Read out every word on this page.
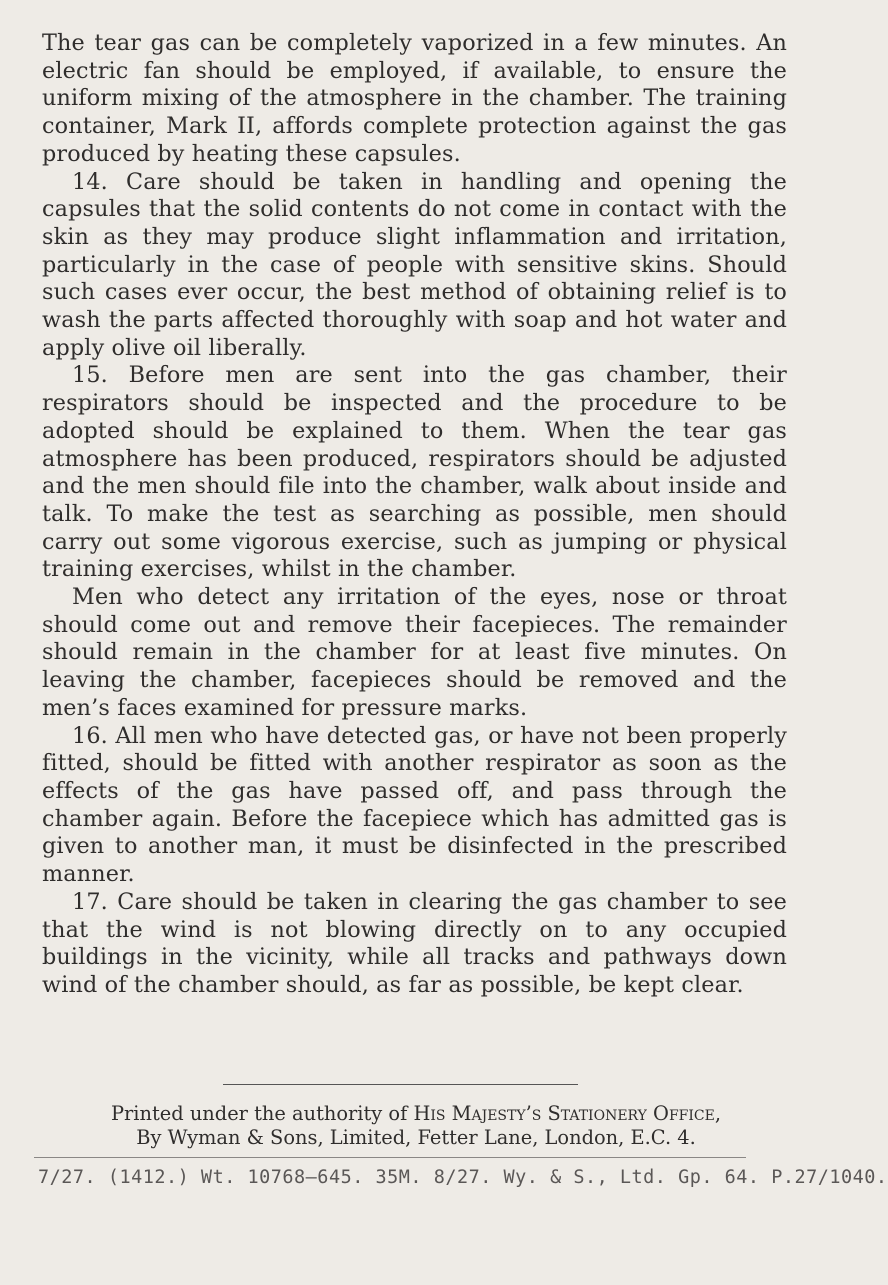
The tear gas can be completely vaporized in a few minutes. An electric fan should be employed, if available, to ensure the uniform mixing of the atmosphere in the chamber. The training container, Mark II, affords complete protection against the gas produced by heating these capsules.

14. Care should be taken in handling and opening the capsules that the solid contents do not come in contact with the skin as they may produce slight inflammation and irritation, particularly in the case of people with sensitive skins. Should such cases ever occur, the best method of obtaining relief is to wash the parts affected thoroughly with soap and hot water and apply olive oil liberally.

15. Before men are sent into the gas chamber, their respirators should be inspected and the procedure to be adopted should be explained to them. When the tear gas atmosphere has been produced, respirators should be adjusted and the men should file into the chamber, walk about inside and talk. To make the test as searching as possible, men should carry out some vigorous exercise, such as jumping or physical training exercises, whilst in the chamber.

Men who detect any irritation of the eyes, nose or throat should come out and remove their facepieces. The remainder should remain in the chamber for at least five minutes. On leaving the chamber, facepieces should be removed and the men’s faces examined for pressure marks.

16. All men who have detected gas, or have not been properly fitted, should be fitted with another respirator as soon as the effects of the gas have passed off, and pass through the chamber again. Before the facepiece which has admitted gas is given to another man, it must be disinfected in the prescribed manner.

17. Care should be taken in clearing the gas chamber to see that the wind is not blowing directly on to any occupied buildings in the vicinity, while all tracks and pathways down wind of the chamber should, as far as possible, be kept clear.

Printed under the authority of His Majesty’s Stationery Office,
By Wyman & Sons, Limited, Fetter Lane, London, E.C. 4.
7/27. (1412.) Wt. 10768—645. 35M. 8/27. Wy. & S., Ltd. Gp. 64. P.27/1040.
